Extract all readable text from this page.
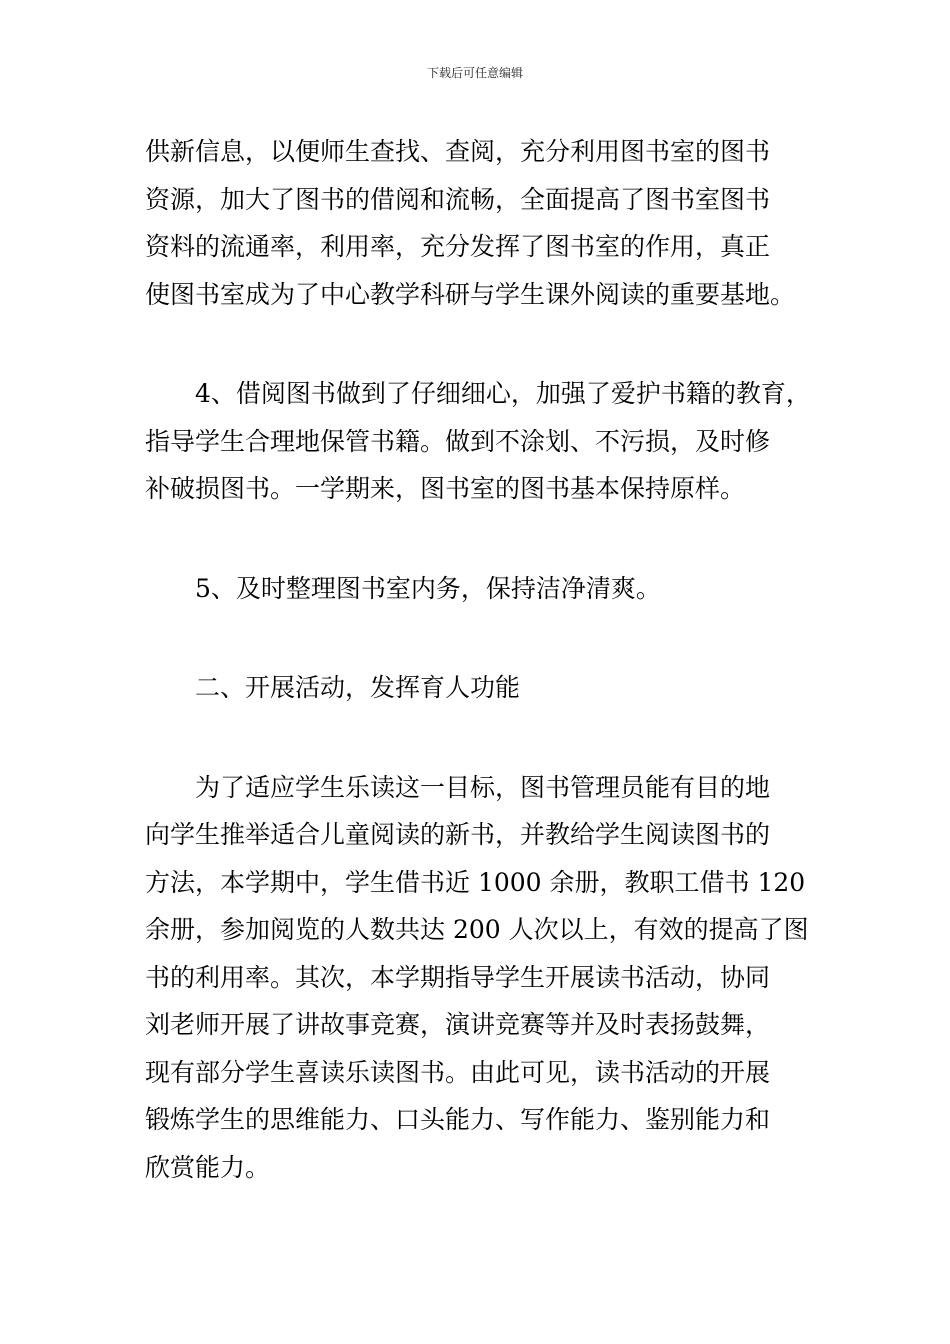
下载后可任意编辑

供新信息，以便师生查找、查阅，充分利用图书室的图书
资源，加大了图书的借阅和流畅，全面提高了图书室图书
资料的流通率，利用率，充分发挥了图书室的作用，真正
使图书室成为了中心教学科研与学生课外阅读的重要基地。

4、借阅图书做到了仔细细心，加强了爱护书籍的教育，
指导学生合理地保管书籍。做到不涂划、不污损，及时修
补破损图书。一学期来，图书室的图书基本保持原样。

5、及时整理图书室内务，保持洁净清爽。

二、开展活动，发挥育人功能

为了适应学生乐读这一目标，图书管理员能有目的地
向学生推举适合儿童阅读的新书，并教给学生阅读图书的
方法，本学期中，学生借书近 1000 余册，教职工借书 120
余册，参加阅览的人数共达 200 人次以上，有效的提高了图
书的利用率。其次，本学期指导学生开展读书活动，协同
刘老师开展了讲故事竞赛，演讲竞赛等并及时表扬鼓舞，
现有部分学生喜读乐读图书。由此可见，读书活动的开展
锻炼学生的思维能力、口头能力、写作能力、鉴别能力和
欣赏能力。
